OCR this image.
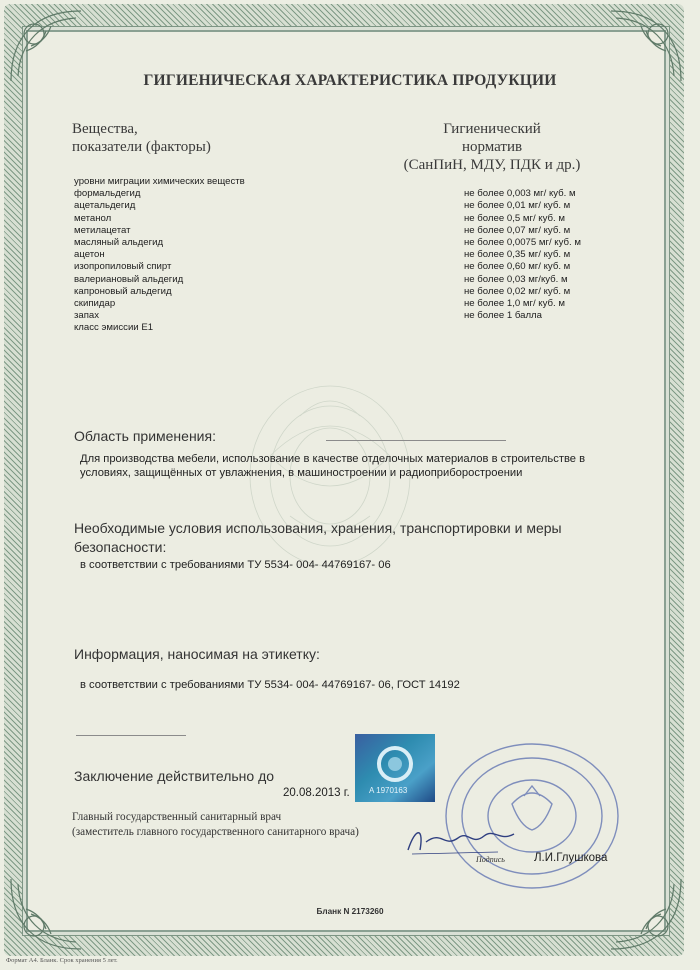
ГИГИЕНИЧЕСКАЯ ХАРАКТЕРИСТИКА ПРОДУКЦИИ
Вещества,
показатели (факторы)
Гигиенический
норматив
(СанПиН, МДУ, ПДК и др.)
уровни миграции химических веществ
формальдегид	не более 0,003 мг/ куб. м
ацетальдегид	не более 0,01 мг/ куб. м
метанол	не более 0,5 мг/ куб. м
метилацетат	не более 0,07 мг/ куб. м
масляный альдегид	не более 0,0075 мг/ куб. м
ацетон	не более 0,35 мг/ куб. м
изопропиловый спирт	не более 0,60 мг/ куб. м
валериановый альдегид	не более 0,03 мг/куб. м
капроновый альдегид	не более 0,02 мг/ куб. м
скипидар	не более 1,0 мг/ куб. м
запах	не более 1 балла
класс эмиссии Е1
Область применения:
Для производства мебели, использование в качестве отделочных материалов в строительстве в
условиях, защищённых от увлажнения, в машиностроении и радиоприборостроении
Необходимые условия использования, хранения, транспортировки и меры
безопасности:
в соответствии с требованиями ТУ 5534- 004- 44769167- 06
Информация, наносимая на этикетку:
в соответствии с требованиями ТУ 5534- 004- 44769167- 06, ГОСТ 14192
Заключение действительно до
20.08.2013 г. A 1970163
Главный государственный санитарный врач
(заместитель главного государственного санитарного врача)
Подпись	Л.И.Глушкова
Бланк N 2173260
Формат А4. Бланк. Срок хранения 5 лет.
